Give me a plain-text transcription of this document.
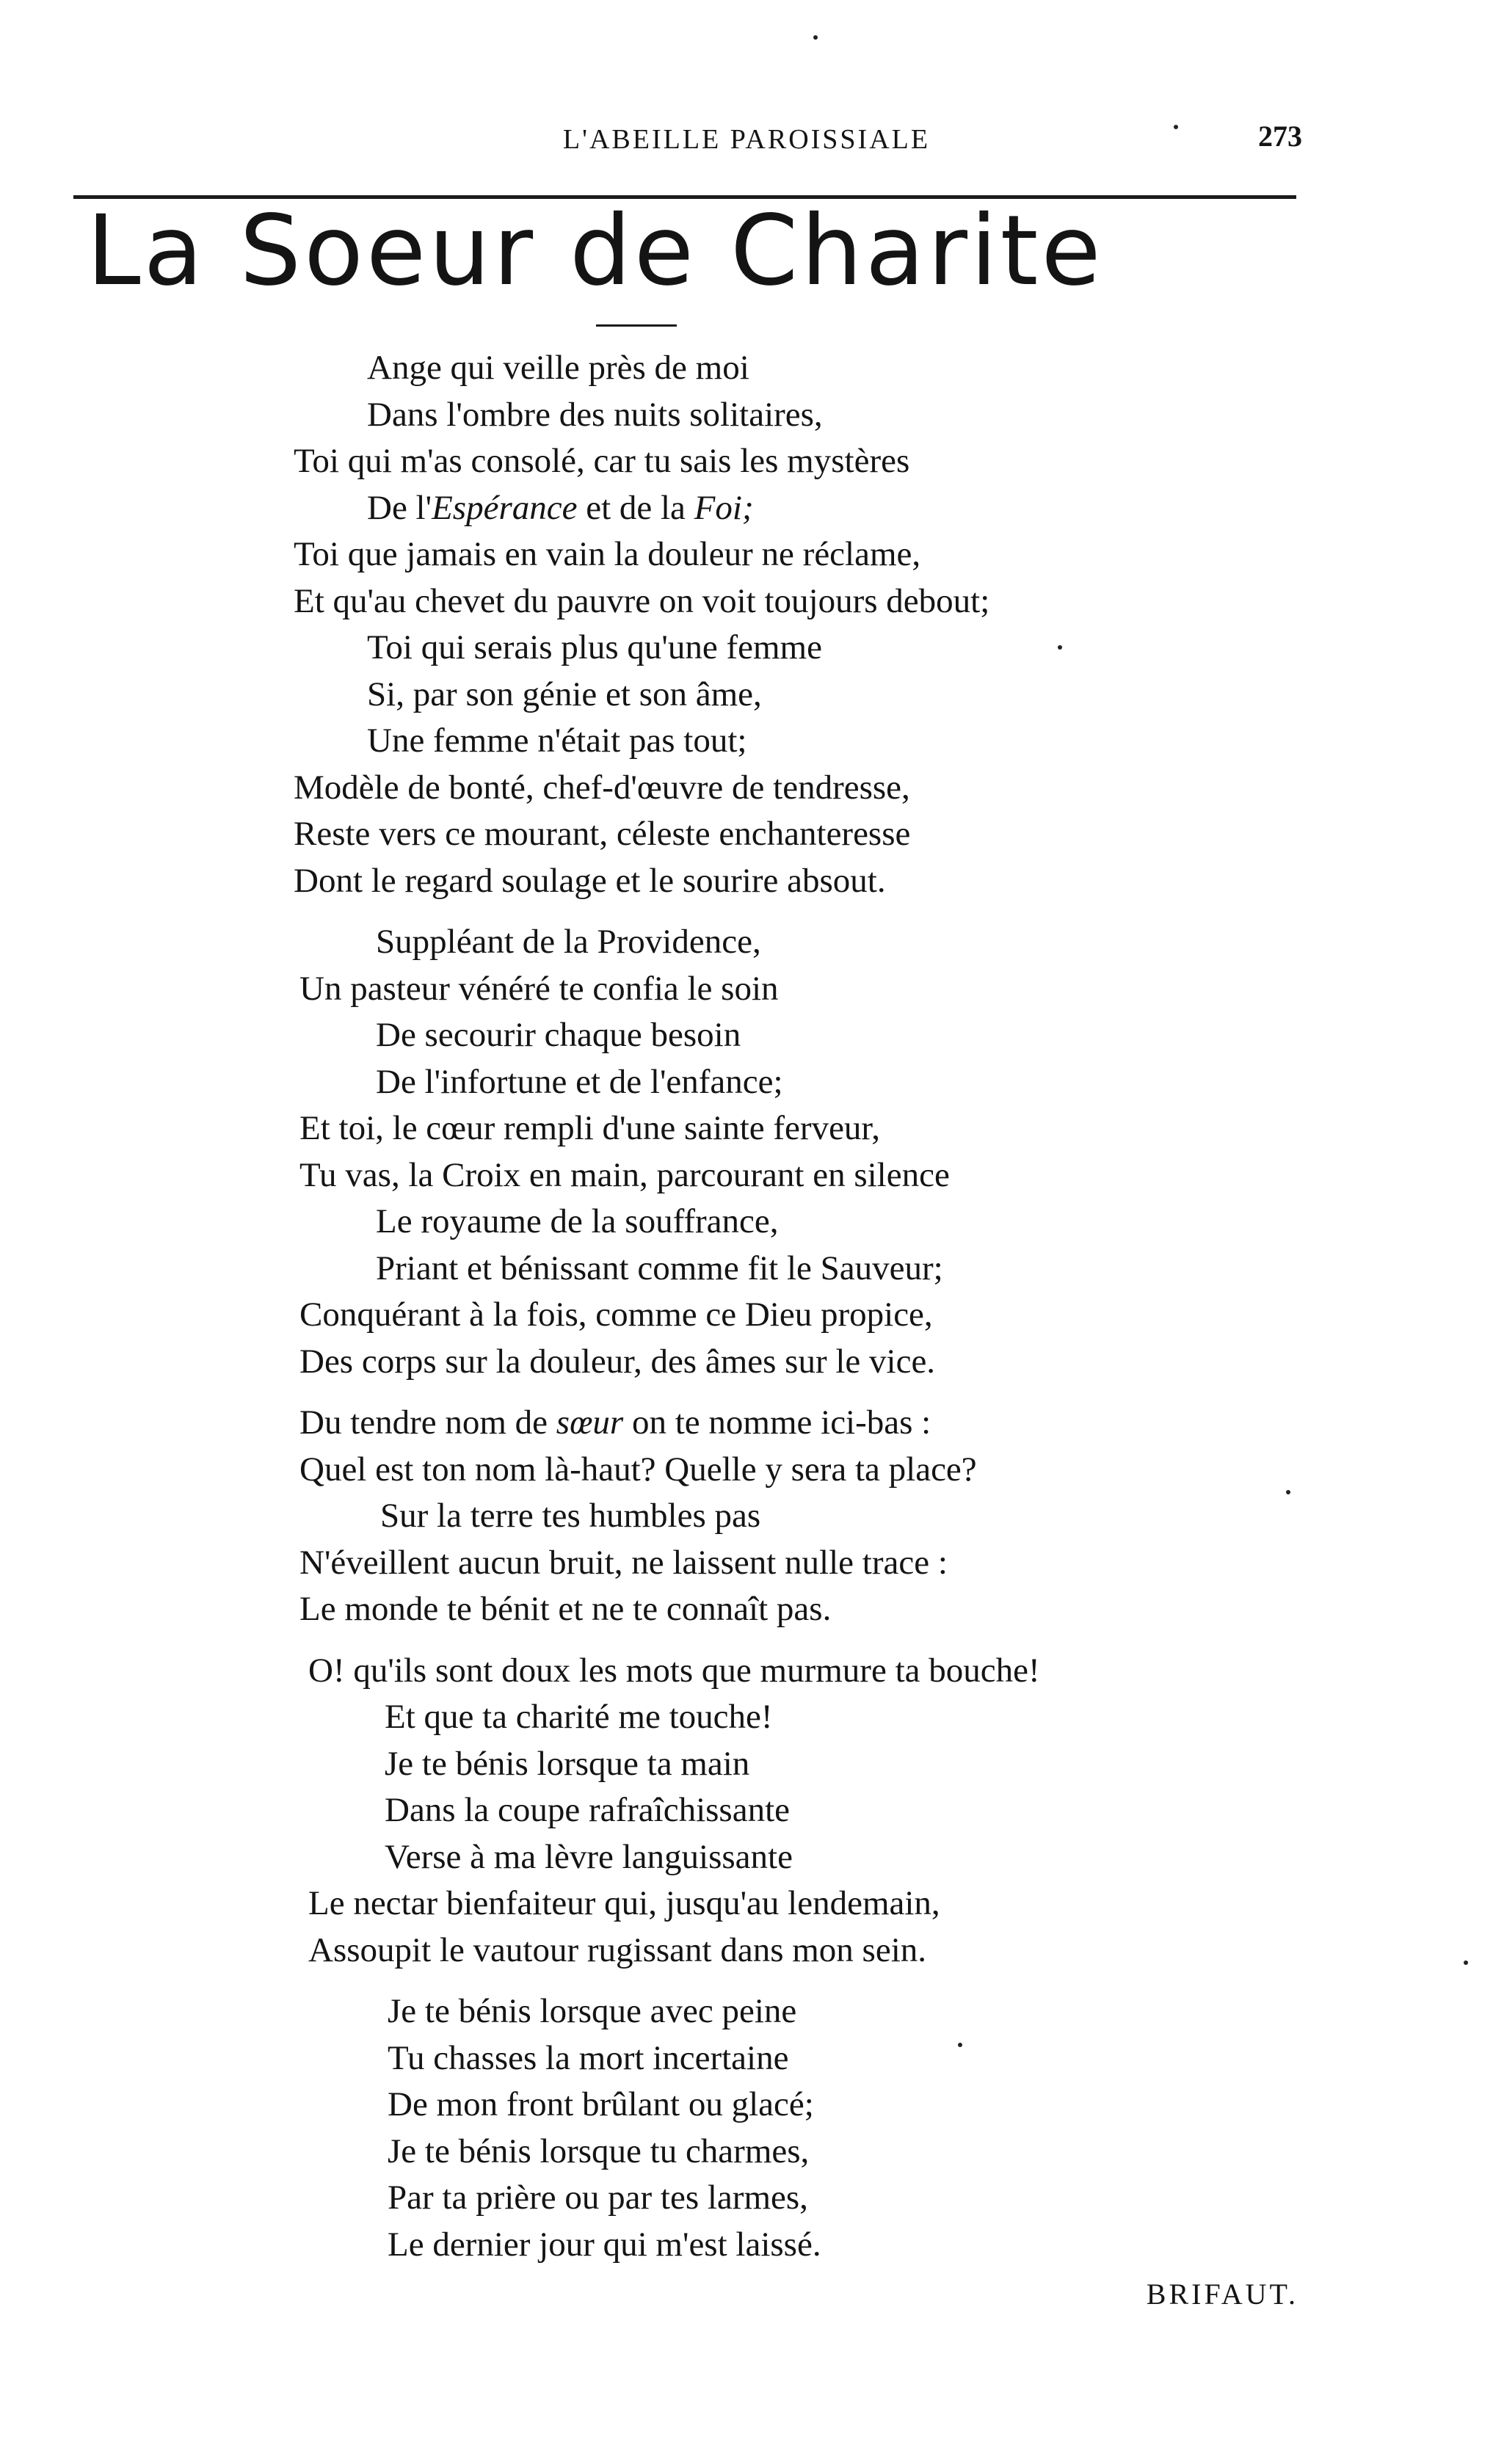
L'ABEILLE PAROISSIALE	273
La Soeur de Charite
Ange qui veille près de moi
Dans l'ombre des nuits solitaires,
Toi qui m'as consolé, car tu sais les mystères
De l'Espérance et de la Foi;
Toi que jamais en vain la douleur ne réclame,
Et qu'au chevet du pauvre on voit toujours debout;
Toi qui serais plus qu'une femme
Si, par son génie et son âme,
Une femme n'était pas tout;
Modèle de bonté, chef-d'œuvre de tendresse,
Reste vers ce mourant, céleste enchanteresse
Dont le regard soulage et le sourire absout.
Suppléant de la Providence,
Un pasteur vénéré te confia le soin
De secourir chaque besoin
De l'infortune et de l'enfance;
Et toi, le cœur rempli d'une sainte ferveur,
Tu vas, la Croix en main, parcourant en silence
Le royaume de la souffrance,
Priant et bénissant comme fit le Sauveur;
Conquérant à la fois, comme ce Dieu propice,
Des corps sur la douleur, des âmes sur le vice.
Du tendre nom de sœur on te nomme ici-bas :
Quel est ton nom là-haut? Quelle y sera ta place?
Sur la terre tes humbles pas
N'éveillent aucun bruit, ne laissent nulle trace :
Le monde te bénit et ne te connaît pas.
O! qu'ils sont doux les mots que murmure ta bouche!
Et que ta charité me touche!
Je te bénis lorsque ta main
Dans la coupe rafraîchissante
Verse à ma lèvre languissante
Le nectar bienfaiteur qui, jusqu'au lendemain,
Assoupit le vautour rugissant dans mon sein.
Je te bénis lorsque avec peine
Tu chasses la mort incertaine
De mon front brûlant ou glacé;
Je te bénis lorsque tu charmes,
Par ta prière ou par tes larmes,
Le dernier jour qui m'est laissé.
BRIFAUT.
